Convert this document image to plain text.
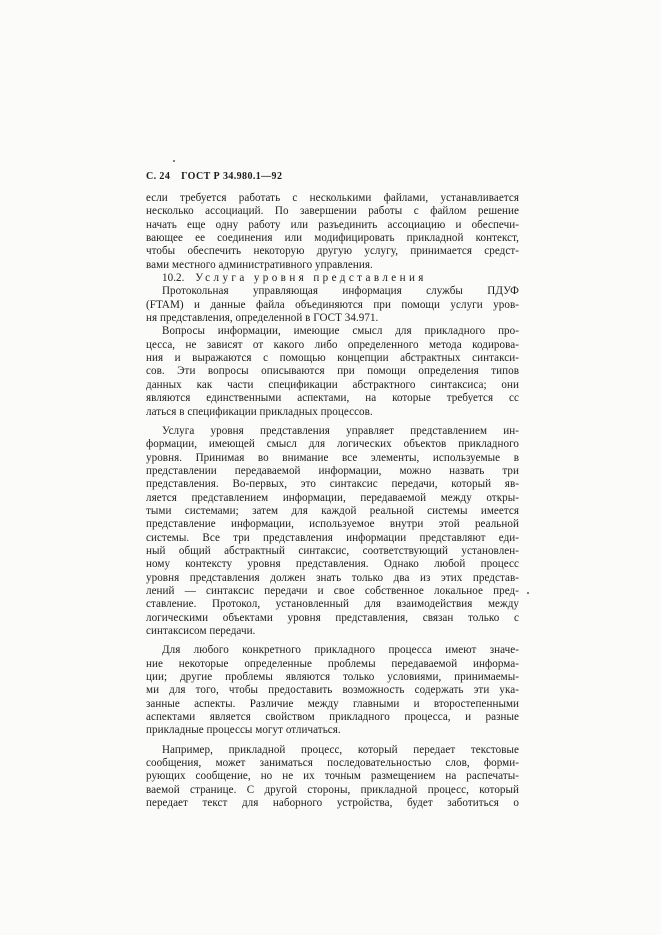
С. 24 ГОСТ Р 34.980.1—92
если требуется работать с несколькими файлами, устанавливается
несколько ассоциаций. По завершении работы с файлом решение
начать еще одну работу или разъединить ассоциацию и обеспечи-
вающее ее соединения или модифицировать прикладной контекст,
чтобы обеспечить некоторую другую услугу, принимается средст-
вами местного административного управления.
10.2. Услуга уровня представления
Протокольная управляющая информация службы ПДУФ
(FTAM) и данные файла объединяются при помощи услуги уров-
ня представления, определенной в ГОСТ 34.971.
Вопросы информации, имеющие смысл для прикладного про-
цесса, не зависят от какого либо определенного метода кодирова-
ния и выражаются с помощью концепции абстрактных синтакси-
сов. Эти вопросы описываются при помощи определения типов
данных как части спецификации абстрактного синтаксиса; они
являются единственными аспектами, на которые требуется сс
латься в спецификации прикладных процессов.
Услуга уровня представления управляет представлением ин-
формации, имеющей смысл для логических объектов прикладного
уровня. Принимая во внимание все элементы, используемые в
представлении передаваемой информации, можно назвать три
представления. Во-первых, это синтаксис передачи, который яв-
ляется представлением информации, передаваемой между откры-
тыми системами; затем для каждой реальной системы имеется
представление информации, используемое внутри этой реальной
системы. Все три представления информации представляют еди-
ный общий абстрактный синтаксис, соответствующий установлен-
ному контексту уровня представления. Однако любой процесс
уровня представления должен знать только два из этих представ-
лений — синтаксис передачи и свое собственное локальное пред-
ставление. Протокол, установленный для взаимодействия между
логическими объектами уровня представления, связан только с
синтаксисом передачи.
Для любого конкретного прикладного процесса имеют значе-
ние некоторые определенные проблемы передаваемой информа-
ции; другие проблемы являются только условиями, принимаемы-
ми для того, чтобы предоставить возможность содержать эти ука-
занные аспекты. Различие между главными и второстепенными
аспектами является свойством прикладного процесса, и разные
прикладные процессы могут отличаться.
Например, прикладной процесс, который передает текстовые
сообщения, может заниматься последовательностью слов, форми-
рующих сообщение, но не их точным размещением на распечаты-
ваемой странице. С другой стороны, прикладной процесс, который
передает текст для наборного устройства, будет заботиться о
